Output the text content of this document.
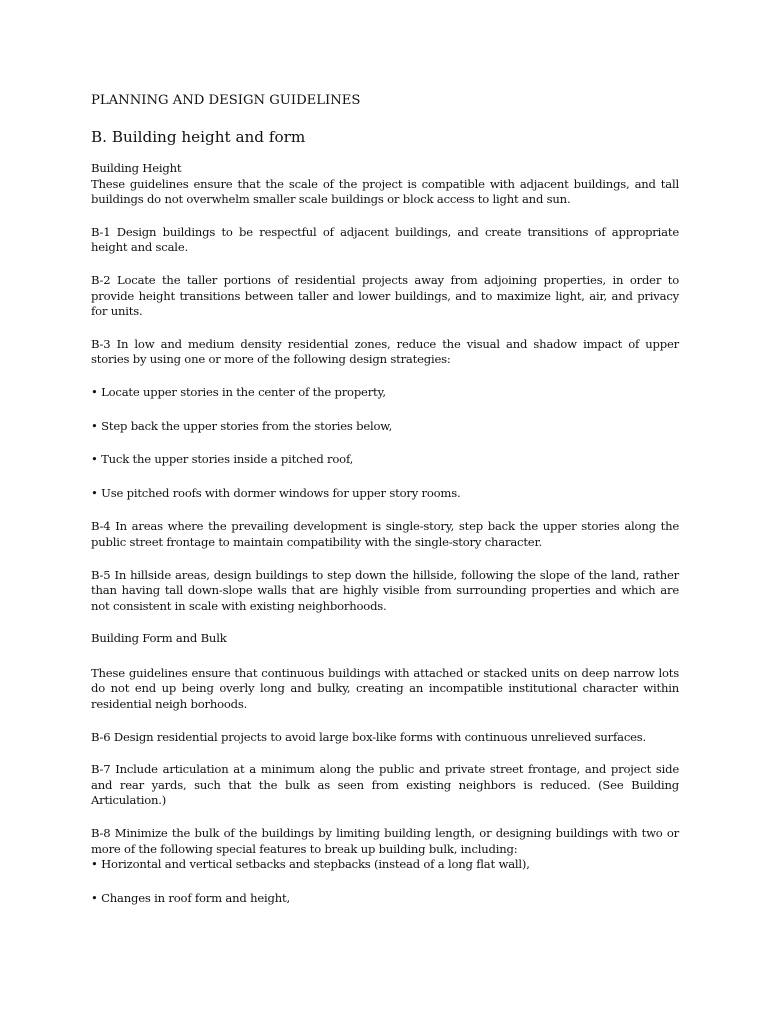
PLANNING AND DESIGN GUIDELINES
B. Building height and form

Building Height

These guidelines ensure that the scale of the project is compatible with adjacent buildings, and tall buildings do not overwhelm smaller scale buildings or block access to light and sun.

B-1 Design buildings to be respectful of adjacent buildings, and create transitions of appropriate height and scale.

B-2 Locate the taller portions of residential projects away from adjoining properties, in order to provide height transitions between taller and lower buildings, and to maximize light, air, and privacy for units.

B-3 In low and medium density residential zones, reduce the visual and shadow impact of upper stories by using one or more of the following design strategies:

• Locate upper stories in the center of the property,

• Step back the upper stories from the stories below,

• Tuck the upper stories inside a pitched roof,

• Use pitched roofs with dormer windows for upper story rooms.

B-4 In areas where the prevailing development is single-story, step back the upper stories along the public street frontage to maintain compatibility with the single-story character.

B-5 In hillside areas, design buildings to step down the hillside, following the slope of the land, rather than having tall down-slope walls that are highly visible from surrounding properties and which are not consistent in scale with existing neighborhoods.

Building Form and Bulk

These guidelines ensure that continuous buildings with attached or stacked units on deep narrow lots do not end up being overly long and bulky, creating an incompatible institutional character within residential neigh borhoods.

B-6 Design residential projects to avoid large box-like forms with continuous unrelieved surfaces.

B-7 Include articulation at a minimum along the public and private street frontage, and project side and rear yards, such that the bulk as seen from existing neighbors is reduced. (See Building Articulation.)

B-8 Minimize the bulk of the buildings by limiting building length, or designing buildings with two or more of the following special features to break up building bulk, including:

• Horizontal and vertical setbacks and stepbacks (instead of a long flat wall),

• Changes in roof form and height,
